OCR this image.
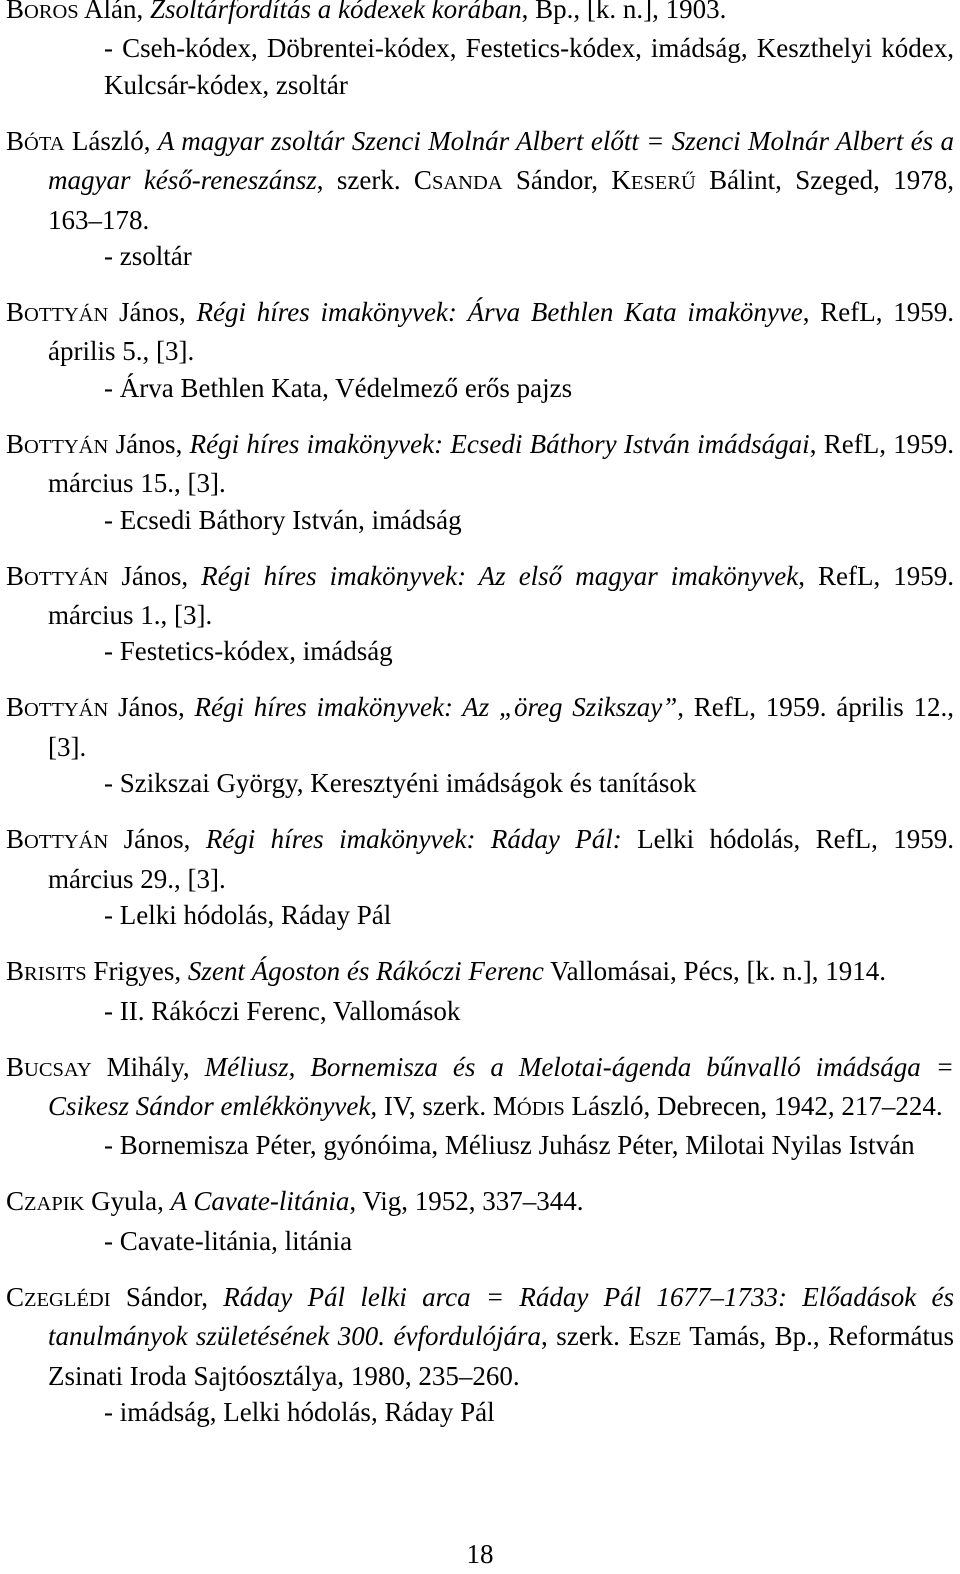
BOROS Alán, Zsoltárfordítás a kódexek korában, Bp., [k. n.], 1903.
- Cseh-kódex, Döbrentei-kódex, Festetics-kódex, imádság, Keszthelyi kódex, Kulcsár-kódex, zsoltár
BÓTA László, A magyar zsoltár Szenci Molnár Albert előtt = Szenci Molnár Albert és a magyar késő-reneszánsz, szerk. CSANDA Sándor, KESERŰ Bálint, Szeged, 1978, 163–178.
- zsoltár
BOTTYÁN János, Régi híres imakönyvek: Árva Bethlen Kata imakönyve, RefL, 1959. április 5., [3].
- Árva Bethlen Kata, Védelmező erős pajzs
BOTTYÁN János, Régi híres imakönyvek: Ecsedi Báthory István imádságai, RefL, 1959. március 15., [3].
- Ecsedi Báthory István, imádság
BOTTYÁN János, Régi híres imakönyvek: Az első magyar imakönyvek, RefL, 1959. március 1., [3].
- Festetics-kódex, imádság
BOTTYÁN János, Régi híres imakönyvek: Az „öreg Szikszay”, RefL, 1959. április 12., [3].
- Szikszai György, Keresztyéni imádságok és tanítások
BOTTYÁN János, Régi híres imakönyvek: Ráday Pál: Lelki hódolás, RefL, 1959. március 29., [3].
- Lelki hódolás, Ráday Pál
BRISITS Frigyes, Szent Ágoston és Rákóczi Ferenc Vallomásai, Pécs, [k. n.], 1914.
- II. Rákóczi Ferenc, Vallomások
BUCSAY Mihály, Méliusz, Bornemisza és a Melotai-ágenda bűnvalló imádsága = Csikesz Sándor emlékkönyvek, IV, szerk. MÓDIS László, Debrecen, 1942, 217–224.
- Bornemisza Péter, gyónóima, Méliusz Juhász Péter, Milotai Nyilas István
CZAPIK Gyula, A Cavate-litánia, Vig, 1952, 337–344.
- Cavate-litánia, litánia
CZEGLÉDI Sándor, Ráday Pál lelki arca = Ráday Pál 1677–1733: Előadások és tanulmányok születésének 300. évfordulójára, szerk. ESZE Tamás, Bp., Református Zsinati Iroda Sajtóosztálya, 1980, 235–260.
- imádság, Lelki hódolás, Ráday Pál
18
